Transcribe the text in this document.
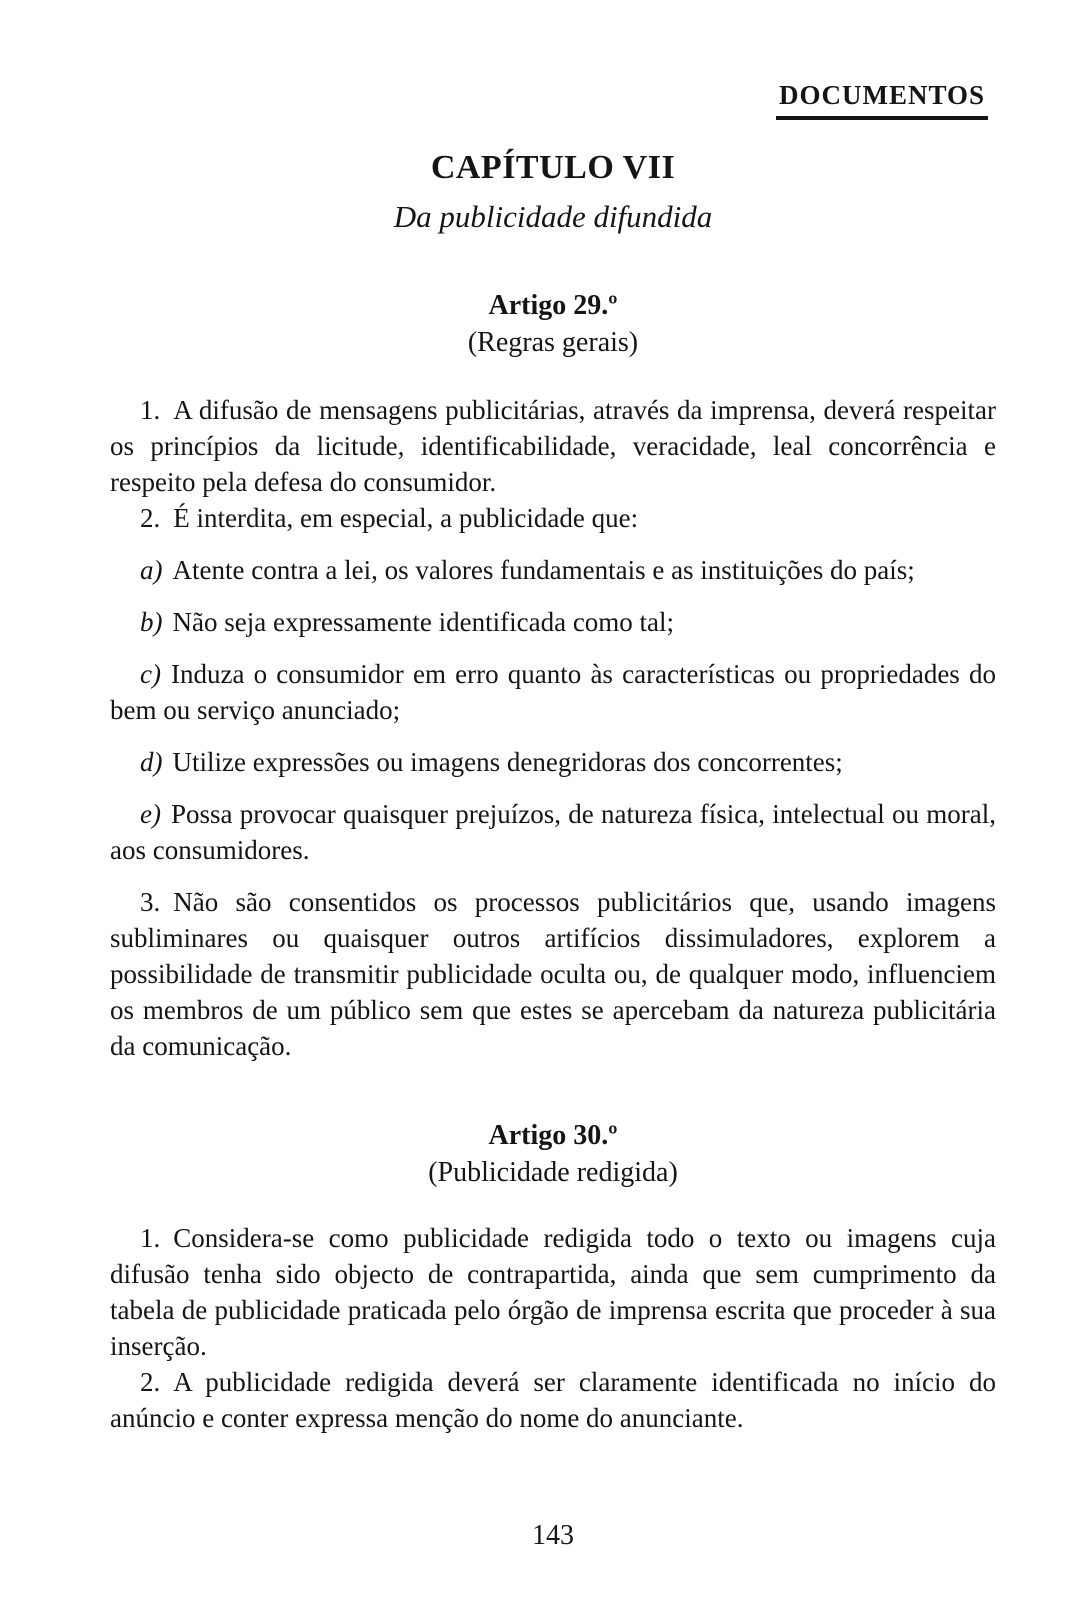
DOCUMENTOS
CAPÍTULO VII
Da publicidade difundida
Artigo 29.º
(Regras gerais)

1. A difusão de mensagens publicitárias, através da imprensa, deverá respeitar os princípios da licitude, identificabilidade, veracidade, leal concorrência e respeito pela defesa do consumidor.

2. É interdita, em especial, a publicidade que:

a) Atente contra a lei, os valores fundamentais e as instituições do país;

b) Não seja expressamente identificada como tal;

c) Induza o consumidor em erro quanto às características ou propriedades do bem ou serviço anunciado;

d) Utilize expressões ou imagens denegridoras dos concorrentes;

e) Possa provocar quaisquer prejuízos, de natureza física, intelectual ou moral, aos consumidores.

3. Não são consentidos os processos publicitários que, usando imagens subliminares ou quaisquer outros artifícios dissimuladores, explorem a possibilidade de transmitir publicidade oculta ou, de qualquer modo, influenciem os membros de um público sem que estes se apercebam da natureza publicitária da comunicação.

Artigo 30.º
(Publicidade redigida)

1. Considera-se como publicidade redigida todo o texto ou imagens cuja difusão tenha sido objecto de contrapartida, ainda que sem cumprimento da tabela de publicidade praticada pelo órgão de imprensa escrita que proceder à sua inserção.

2. A publicidade redigida deverá ser claramente identificada no início do anúncio e conter expressa menção do nome do anunciante.

143
